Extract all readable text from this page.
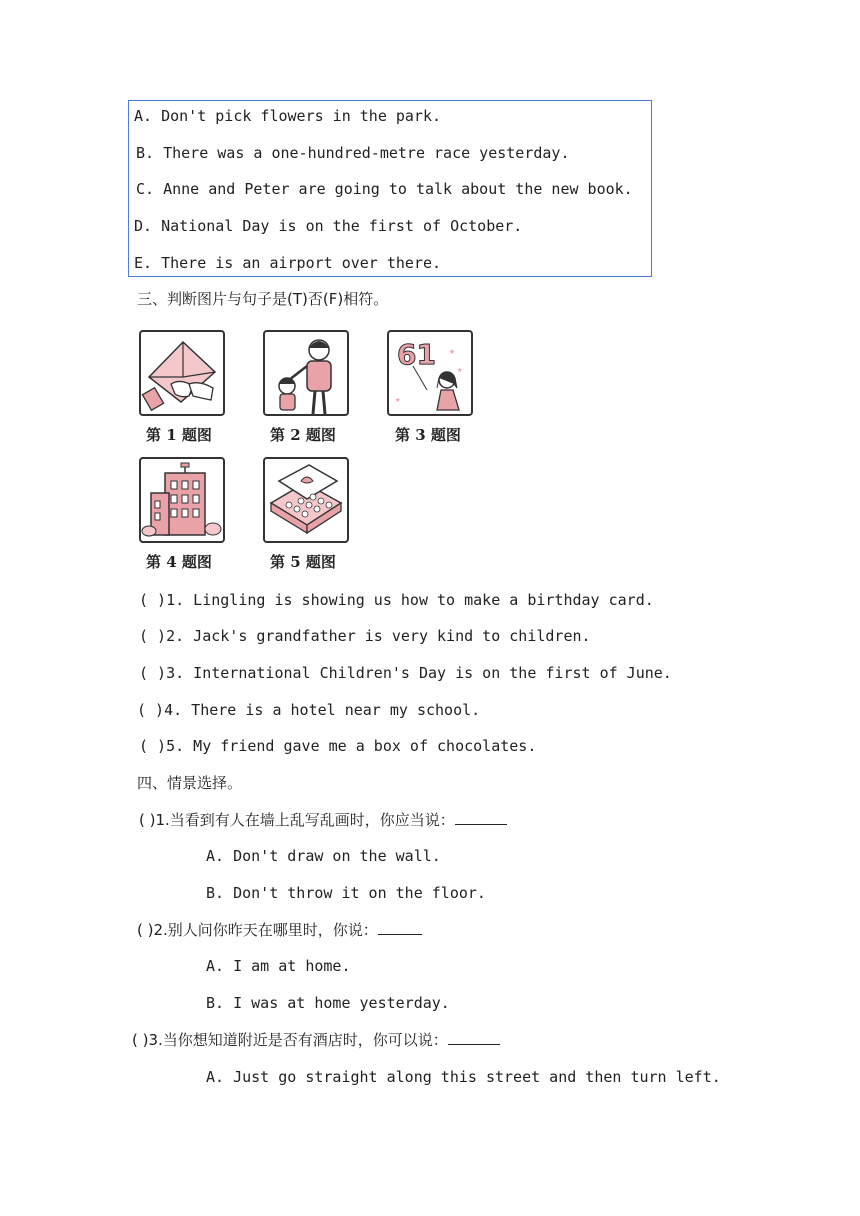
A. Don't pick flowers in the park.
B. There was a one-hundred-metre race yesterday.
C. Anne and Peter are going to talk about the new book.
D. National Day is on the first of October.
E. There is an airport over there.
三、判断图片与句子是(T)否(F)相符。
第 1 题图	第 2 题图
61 ★
★
★
第 3 题图
第 4 题图	第 5 题图
( )1. Lingling is showing us how to make a birthday card.
( )2. Jack's grandfather is very kind to children.
( )3. International Children's Day is on the first of June.
( )4. There is a hotel near my school.
( )5. My friend gave me a box of chocolates.
四、情景选择。
( )1.当看到有人在墙上乱写乱画时，你应当说：
A. Don't draw on the wall.
B. Don't throw it on the floor.
( )2.别人问你昨天在哪里时，你说：
A. I am at home.
B. I was at home yesterday.
( )3.当你想知道附近是否有酒店时，你可以说：
A. Just go straight along this street and then turn left.
